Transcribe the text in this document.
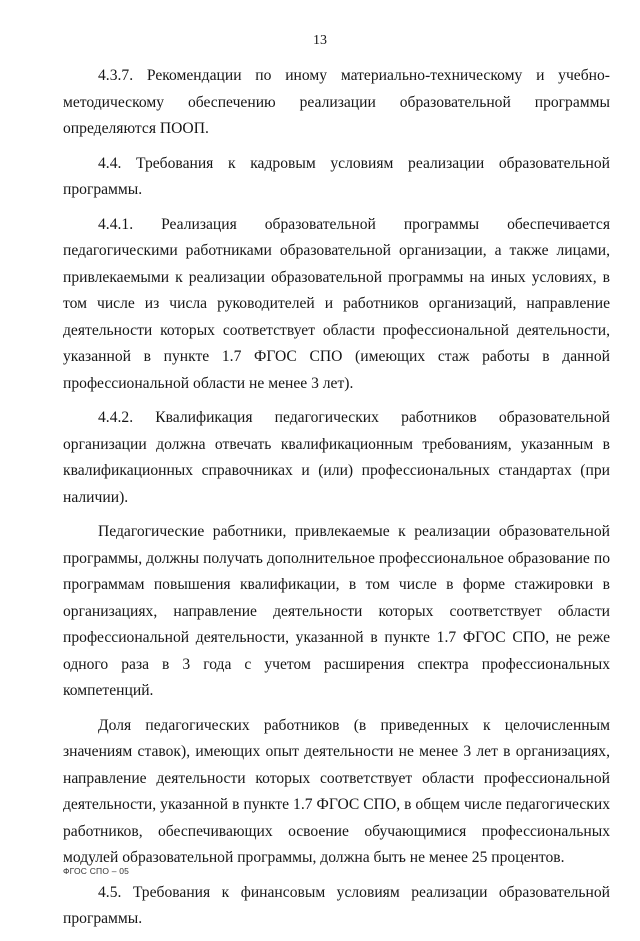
13

4.3.7. Рекомендации по иному материально-техническому и учебно-методическому обеспечению реализации образовательной программы определяются ПООП.

4.4. Требования к кадровым условиям реализации образовательной программы.

4.4.1. Реализация образовательной программы обеспечивается педагогическими работниками образовательной организации, а также лицами, привлекаемыми к реализации образовательной программы на иных условиях, в том числе из числа руководителей и работников организаций, направление деятельности которых соответствует области профессиональной деятельности, указанной в пункте 1.7 ФГОС СПО (имеющих стаж работы в данной профессиональной области не менее 3 лет).

4.4.2. Квалификация педагогических работников образовательной организации должна отвечать квалификационным требованиям, указанным в квалификационных справочниках и (или) профессиональных стандартах (при наличии).

Педагогические работники, привлекаемые к реализации образовательной программы, должны получать дополнительное профессиональное образование по программам повышения квалификации, в том числе в форме стажировки в организациях, направление деятельности которых соответствует области профессиональной деятельности, указанной в пункте 1.7 ФГОС СПО, не реже одного раза в 3 года с учетом расширения спектра профессиональных компетенций.

Доля педагогических работников (в приведенных к целочисленным значениям ставок), имеющих опыт деятельности не менее 3 лет в организациях, направление деятельности которых соответствует области профессиональной деятельности, указанной в пункте 1.7 ФГОС СПО, в общем числе педагогических работников, обеспечивающих освоение обучающимися профессиональных модулей образовательной программы, должна быть не менее 25 процентов.

4.5. Требования к финансовым условиям реализации образовательной программы.

ФГОС СПО – 05
